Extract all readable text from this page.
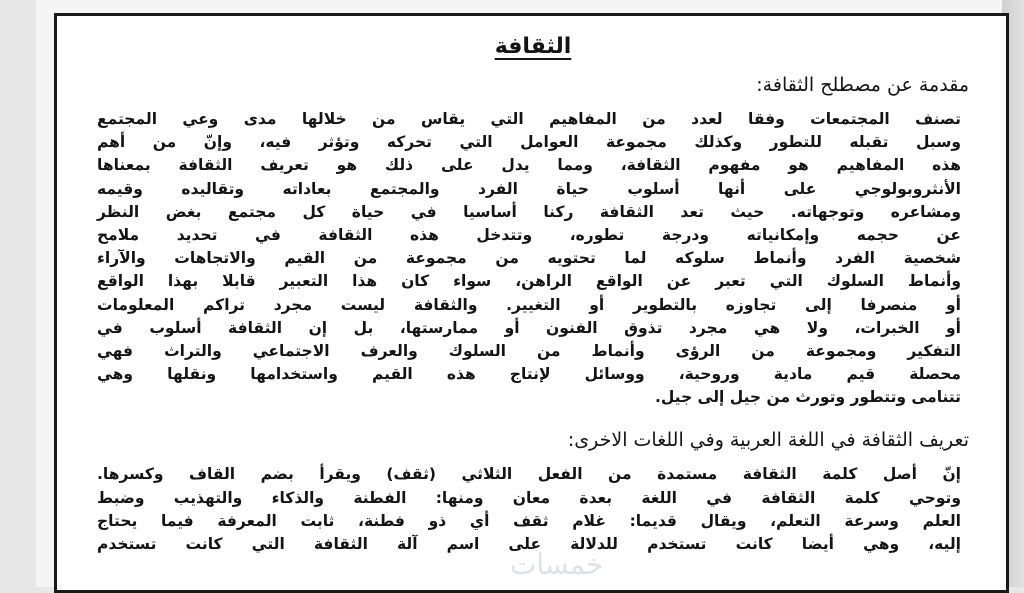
الثقافة
مقدمة عن مصطلح الثقافة:
تصنف المجتمعات وفقا لعدد من المفاهيم التي يقاس من خلالها مدى وعي المجتمع
وسبل تقبله للتطور وكذلك مجموعة العوامل التي تحركه وتؤثر فيه، وإنّ من أهم
هذه المفاهيم هو مفهوم الثقافة، ومما يدل على ذلك هو تعريف الثقافة بمعناها
الأنثروبولوجي على أنها أسلوب حياة الفرد والمجتمع بعاداته وتقاليده وقيمه
ومشاعره وتوجهاته. حيث تعد الثقافة ركنا أساسيا في حياة كل مجتمع بغض النظر
عن حجمه وإمكانياته ودرجة تطوره، وتتدخل هذه الثقافة في تحديد ملامح
شخصية الفرد وأنماط سلوكه لما تحتويه من مجموعة من القيم والاتجاهات والآراء
وأنماط السلوك التي تعبر عن الواقع الراهن، سواء كان هذا التعبير قابلا بهذا الواقع
أو منصرفا إلى تجاوزه بالتطوير أو التغيير. والثقافة ليست مجرد تراكم المعلومات
أو الخبرات، ولا هي مجرد تذوق الفنون أو ممارستها، بل إن الثقافة أسلوب في
التفكير ومجموعة من الرؤى وأنماط من السلوك والعرف الاجتماعي والتراث فهي
محصلة قيم مادية وروحية، ووسائل لإنتاج هذه القيم واستخدامها ونقلها وهي
تتنامى وتتطور وتورث من جيل إلى جيل.
تعريف الثقافة في اللغة العربية وفي اللغات الاخرى:
إنّ أصل كلمة الثقافة مستمدة من الفعل الثلاثي (ثقف) ويقرأ بضم القاف وكسرها.
وتوحي كلمة الثقافة في اللغة بعدة معان ومنها: الفطنة والذكاء والتهذيب وضبط
العلم وسرعة التعلم، ويقال قديما: غلام ثقف أي ذو فطنة، ثابت المعرفة فيما يحتاج
إليه، وهي أيضا كانت تستخدم للدلالة على اسم آلة الثقافة التي كانت تستخدم
خمسات
